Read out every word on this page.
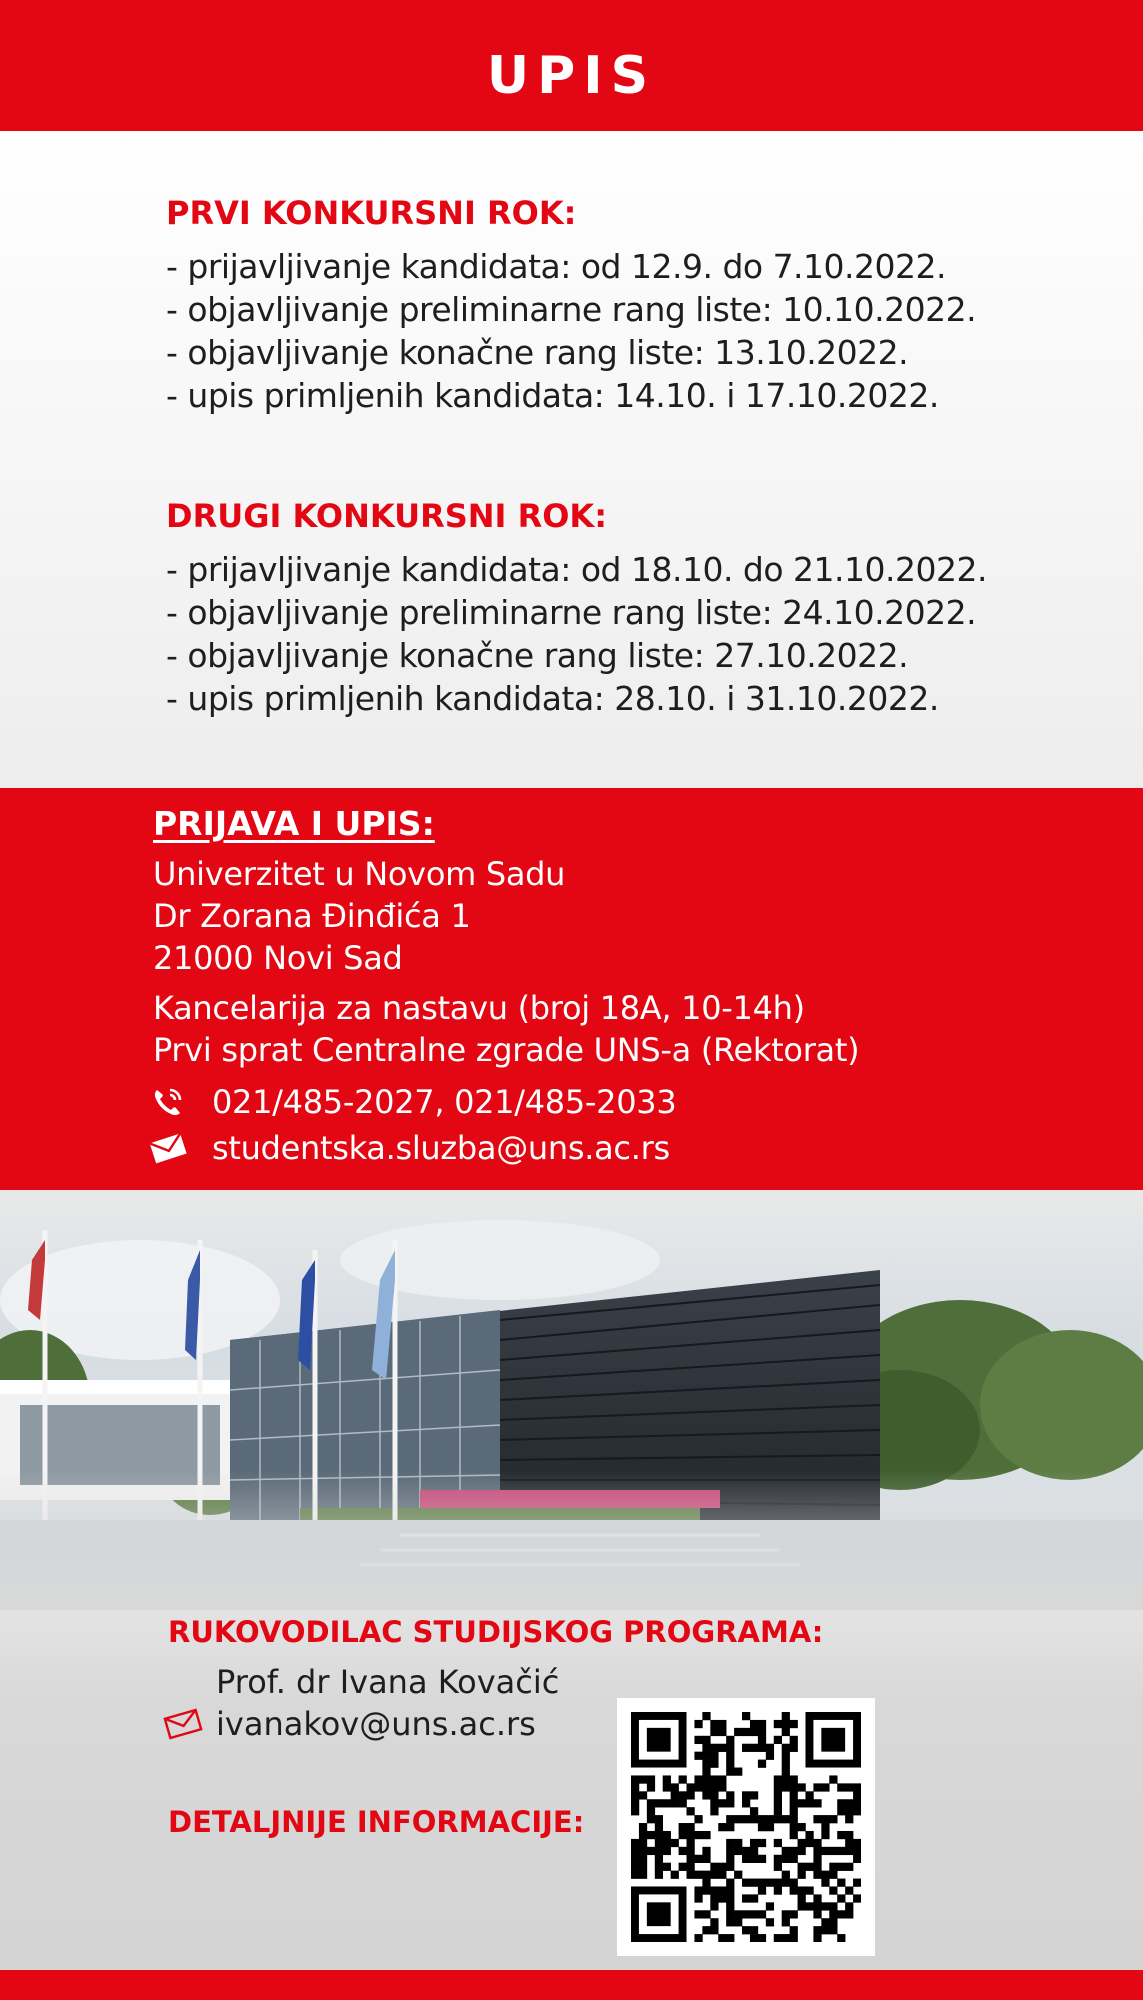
UPIS
PRVI KONKURSNI ROK:
- prijavljivanje kandidata: od 12.9. do 7.10.2022.
- objavljivanje preliminarne rang liste: 10.10.2022.
- objavljivanje konačne rang liste: 13.10.2022.
- upis primljenih kandidata: 14.10. i 17.10.2022.
DRUGI KONKURSNI ROK:
- prijavljivanje kandidata: od 18.10. do 21.10.2022.
- objavljivanje preliminarne rang liste: 24.10.2022.
- objavljivanje konačne rang liste: 27.10.2022.
- upis primljenih kandidata: 28.10. i 31.10.2022.
PRIJAVA I UPIS:
Univerzitet u Novom Sadu
Dr Zorana Đinđića 1
21000 Novi Sad
Kancelarija za nastavu (broj 18A, 10-14h)
Prvi sprat Centralne zgrade UNS-a (Rektorat)
021/485-2027, 021/485-2033
studentska.sluzba@uns.ac.rs
RUKOVODILAC STUDIJSKOG PROGRAMA:
Prof. dr Ivana Kovačić
ivanakov@uns.ac.rs
DETALJNIJE INFORMACIJE:
